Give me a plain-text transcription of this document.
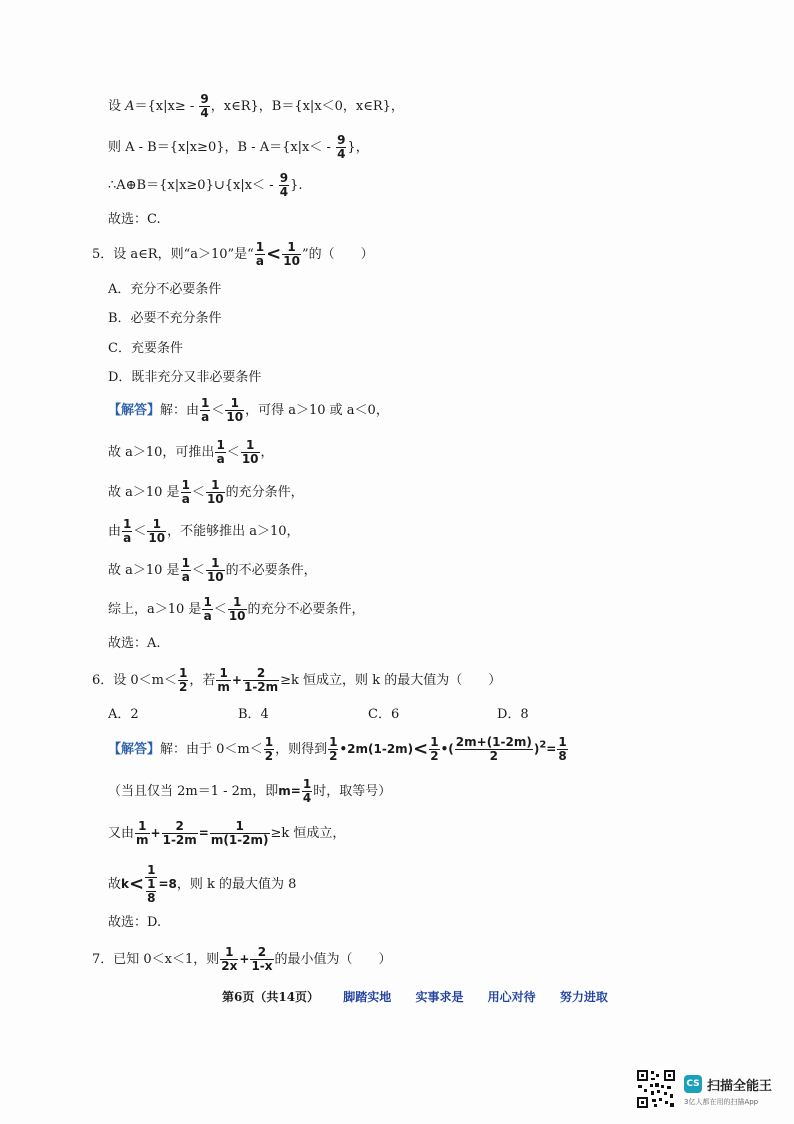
设 $A=\{x|x\ge - \frac{9}{4}$ ，x∈R}，B＝{x|x＜0，x∈R}，
则 A - B＝{x|x≥0}，$B - A=\{x|x< - \frac{9}{4}$ }，
∴A⊕B＝{x|x≥0}∪{x|x＜ - $\frac{9}{4}$ }.
故选：C.
5．设 a∈R，则“a＞10”是“ $\frac{1}{a} < \frac{1}{10}$ ”的（　　）
A．充分不必要条件
B．必要不充分条件
C．充要条件
D．既非充分又非必要条件
【解答】解：由 $\frac{1}{a} < \frac{1}{10}$ ，可得 a＞10 或 a＜0，
故 a＞10，可推出 $\frac{1}{a} < \frac{1}{10}$ ，
故 a＞10 是 $\frac{1}{a} < \frac{1}{10}$ 的充分条件，
由 $\frac{1}{a} < \frac{1}{10}$ ，不能够推出 a＞10，
故 a＞10 是 $\frac{1}{a} < \frac{1}{10}$ 的不必要条件，
综上，a＞10 是 $\frac{1}{a} < \frac{1}{10}$ 的充分不必要条件，
故选：A.
6．设 $0<m< \frac{1}{2}$ ，若 $\frac{1}{m} + \frac{2}{1-2m} \ge k$ 恒成立，则 k 的最大值为（　　）
A．2	B．4	C．6	D．8
【解答】解：由于 $0<m< \frac{1}{2}$ ，则得到 $\frac{1}{2}$ •2m(1-2m)< $\frac{1}{2}$ •( $\frac{2m+(1-2m)}{2} )^2= \frac{1}{8}$
（当且仅当 2m＝1 - 2m，即$m= \frac{1}{4}$ 时，取等号）
又由 $\frac{1}{m} + \frac{2}{1-2m} = \frac{1}{m(1-2m)} \ge k$ 恒成立，
故$k< \frac{1}{\frac{1}{8}} =8$，则 k 的最大值为 8
故选：D.
7．已知 0＜x＜1，则 $\frac{1}{2x} + \frac{2}{1-x}$ 的最小值为（　　）
第6页（共14页） 脚踏实地 实事求是 用心对待 努力进取
CS 扫描全能王
3亿人都在用的扫描App
